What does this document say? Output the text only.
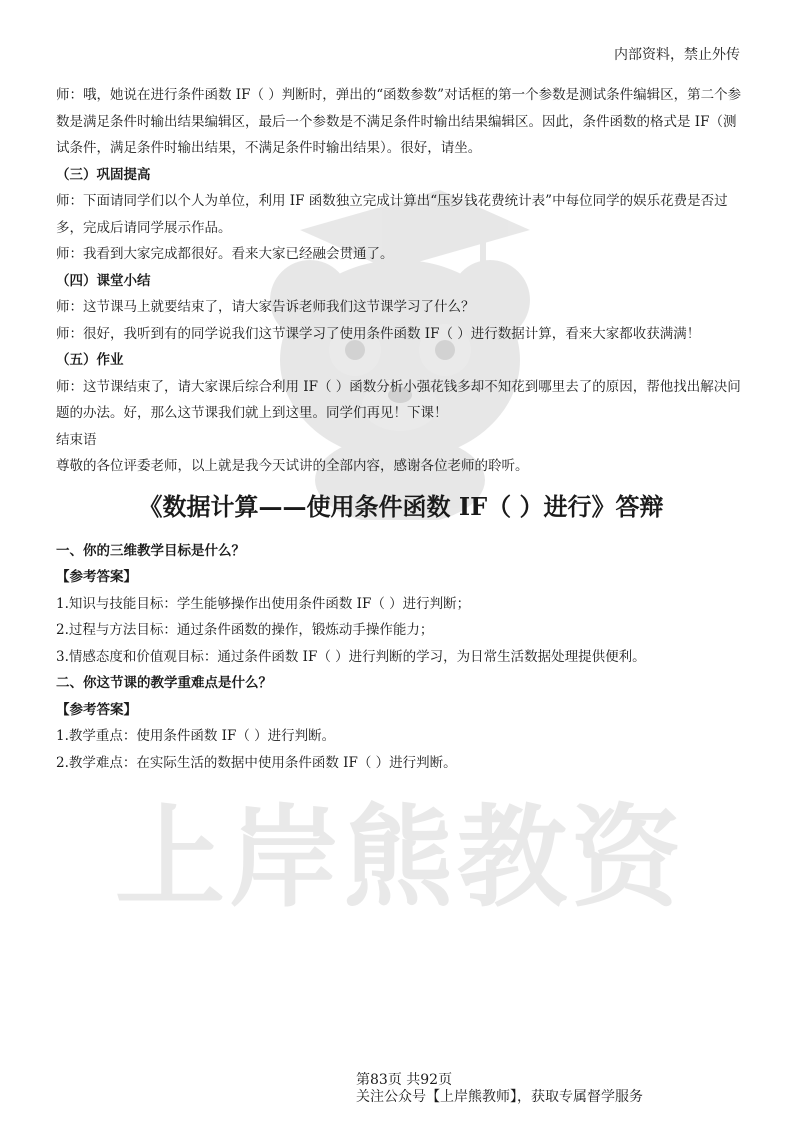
内部资料，禁止外传
上岸熊教资

师：哦，她说在进行条件函数 IF（ ）判断时，弹出的“函数参数”对话框的第一个参数是测试条件编辑区，第二个参数是满足条件时输出结果编辑区，最后一个参数是不满足条件时输出结果编辑区。因此，条件函数的格式是 IF（测试条件，满足条件时输出结果，不满足条件时输出结果）。很好，请坐。

（三）巩固提高

师：下面请同学们以个人为单位，利用 IF 函数独立完成计算出“压岁钱花费统计表”中每位同学的娱乐花费是否过多，完成后请同学展示作品。

师：我看到大家完成都很好。看来大家已经融会贯通了。

（四）课堂小结

师：这节课马上就要结束了，请大家告诉老师我们这节课学习了什么？

师：很好，我听到有的同学说我们这节课学习了使用条件函数 IF（ ）进行数据计算，看来大家都收获满满！

（五）作业

师：这节课结束了，请大家课后综合利用 IF（ ）函数分析小强花钱多却不知花到哪里去了的原因，帮他找出解决问题的办法。好，那么这节课我们就上到这里。同学们再见！下课！

结束语

尊敬的各位评委老师，以上就是我今天试讲的全部内容，感谢各位老师的聆听。

《数据计算——使用条件函数 IF（ ）进行》答辩

一、你的三维教学目标是什么？

【参考答案】

1.知识与技能目标：学生能够操作出使用条件函数 IF（ ）进行判断；

2.过程与方法目标：通过条件函数的操作，锻炼动手操作能力；

3.情感态度和价值观目标：通过条件函数 IF（ ）进行判断的学习，为日常生活数据处理提供便利。

二、你这节课的教学重难点是什么？

【参考答案】

1.教学重点：使用条件函数 IF（ ）进行判断。

2.教学难点：在实际生活的数据中使用条件函数 IF（ ）进行判断。

第83页 共92页
关注公众号【上岸熊教师】，获取专属督学服务
